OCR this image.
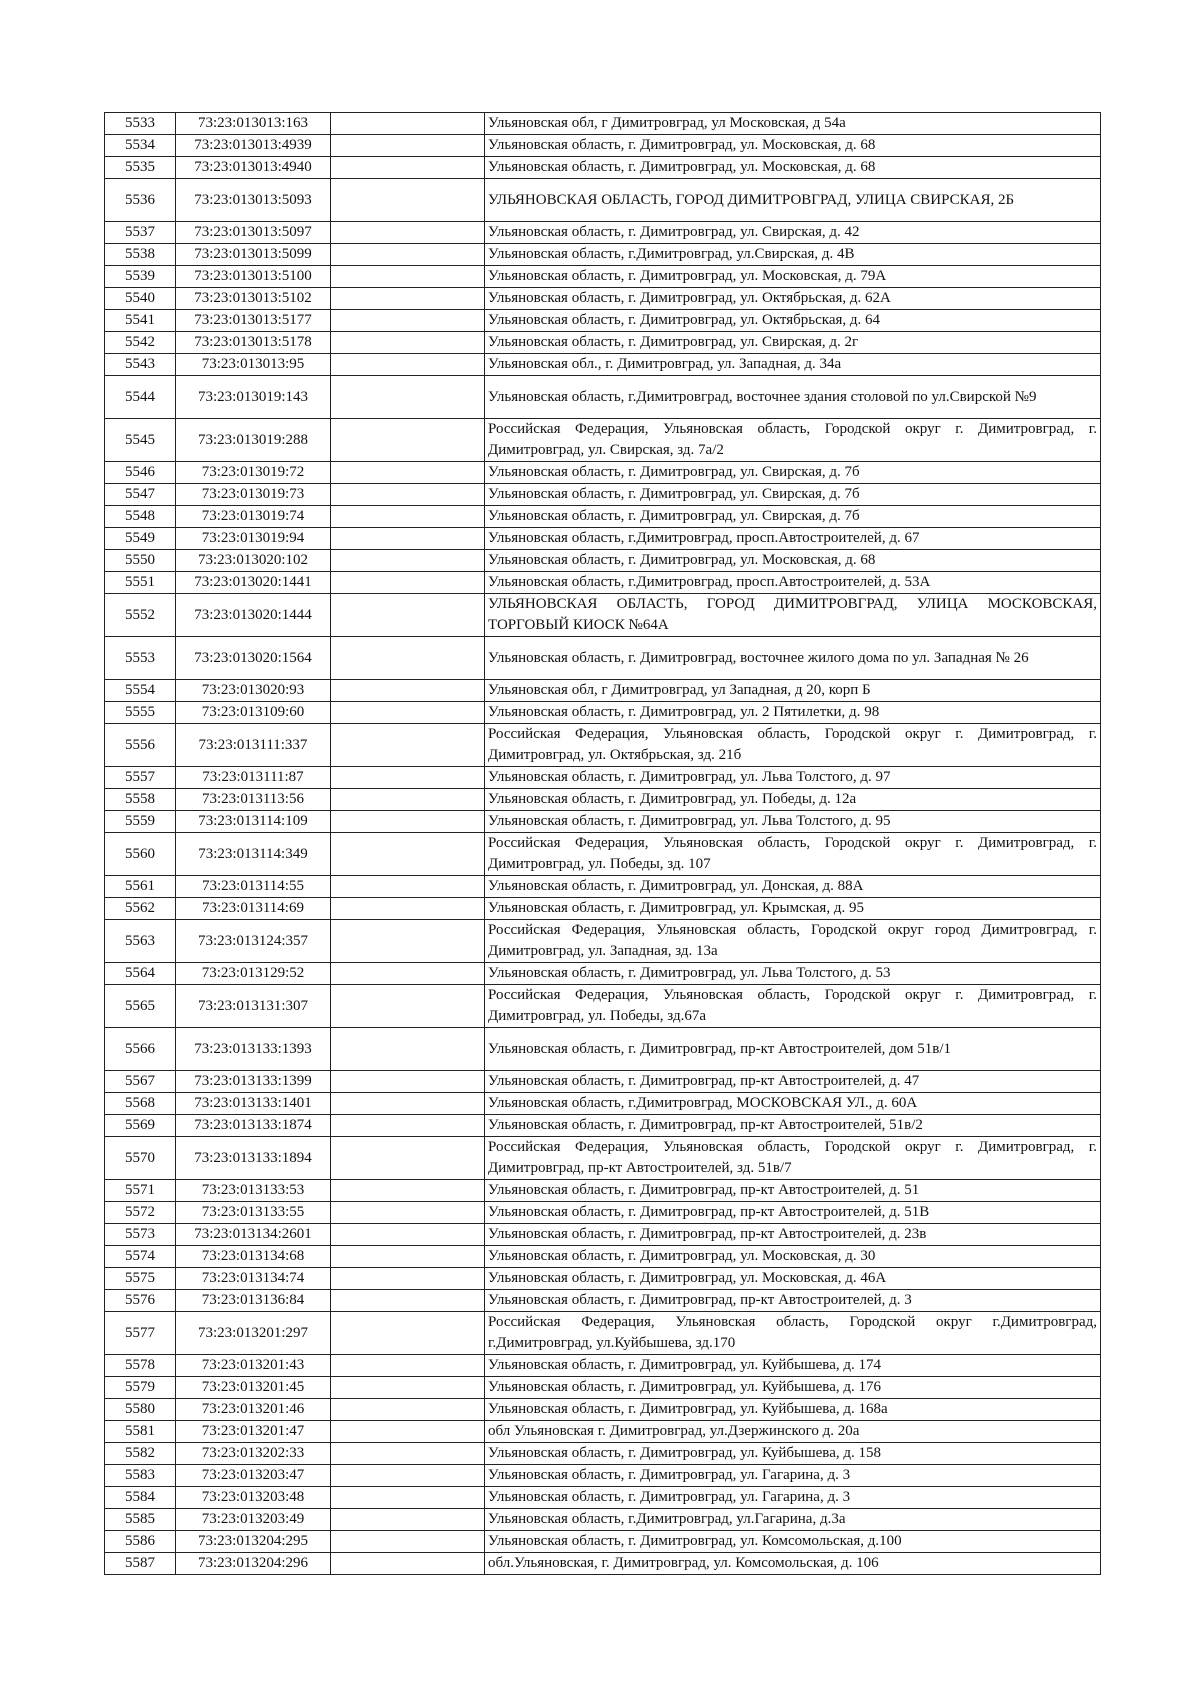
5533	73:23:013013:163		Ульяновская обл, г Димитровград, ул Московская, д 54а
5534	73:23:013013:4939		Ульяновская область, г. Димитровград, ул. Московская, д. 68
5535	73:23:013013:4940		Ульяновская область, г. Димитровград, ул. Московская, д. 68
5536	73:23:013013:5093		УЛЬЯНОВСКАЯ ОБЛАСТЬ, ГОРОД ДИМИТРОВГРАД, УЛИЦА СВИРСКАЯ, 2Б
5537	73:23:013013:5097		Ульяновская область, г. Димитровград, ул. Свирская, д. 42
5538	73:23:013013:5099		Ульяновская область, г.Димитровград, ул.Свирская, д. 4В
5539	73:23:013013:5100		Ульяновская область, г. Димитровград, ул. Московская, д. 79А
5540	73:23:013013:5102		Ульяновская область, г. Димитровград, ул. Октябрьская, д. 62А
5541	73:23:013013:5177		Ульяновская область, г. Димитровград, ул. Октябрьская, д. 64
5542	73:23:013013:5178		Ульяновская область, г. Димитровград, ул. Свирская, д. 2г
5543	73:23:013013:95		Ульяновская обл., г. Димитровград, ул. Западная, д. 34а
5544	73:23:013019:143		Ульяновская область, г.Димитровград, восточнее здания столовой по ул.Свирской №9
5545	73:23:013019:288		Российская Федерация, Ульяновская область, Городской округ г. Димитровград, г. Димитровград, ул. Свирская, зд. 7а/2
5546	73:23:013019:72		Ульяновская область, г. Димитровград, ул. Свирская, д. 7б
5547	73:23:013019:73		Ульяновская область, г. Димитровград, ул. Свирская, д. 7б
5548	73:23:013019:74		Ульяновская область, г. Димитровград, ул. Свирская, д. 7б
5549	73:23:013019:94		Ульяновская область, г.Димитровград, просп.Автостроителей, д. 67
5550	73:23:013020:102		Ульяновская область, г. Димитровград, ул. Московская, д. 68
5551	73:23:013020:1441		Ульяновская область, г.Димитровград, просп.Автостроителей, д. 53А
5552	73:23:013020:1444		УЛЬЯНОВСКАЯ ОБЛАСТЬ, ГОРОД ДИМИТРОВГРАД, УЛИЦА МОСКОВСКАЯ, ТОРГОВЫЙ КИОСК №64А
5553	73:23:013020:1564		Ульяновская область, г. Димитровград, восточнее жилого дома по ул. Западная № 26
5554	73:23:013020:93		Ульяновская обл, г Димитровград, ул Западная, д 20, корп Б
5555	73:23:013109:60		Ульяновская область, г. Димитровград, ул. 2 Пятилетки, д. 98
5556	73:23:013111:337		Российская Федерация, Ульяновская область, Городской округ г. Димитровград, г. Димитровград, ул. Октябрьская, зд. 21б
5557	73:23:013111:87		Ульяновская область, г. Димитровград, ул. Льва Толстого, д. 97
5558	73:23:013113:56		Ульяновская область, г. Димитровград, ул. Победы, д. 12а
5559	73:23:013114:109		Ульяновская область, г. Димитровград, ул. Льва Толстого, д. 95
5560	73:23:013114:349		Российская Федерация, Ульяновская область, Городской округ г. Димитровград, г. Димитровград, ул. Победы, зд. 107
5561	73:23:013114:55		Ульяновская область, г. Димитровград, ул. Донская, д. 88А
5562	73:23:013114:69		Ульяновская область, г. Димитровград, ул. Крымская, д. 95
5563	73:23:013124:357		Российская Федерация, Ульяновская область, Городской округ город Димитровград, г. Димитровград, ул. Западная, зд. 13а
5564	73:23:013129:52		Ульяновская область, г. Димитровград, ул. Льва Толстого, д. 53
5565	73:23:013131:307		Российская Федерация, Ульяновская область, Городской округ г. Димитровград, г. Димитровград, ул. Победы, зд.67а
5566	73:23:013133:1393		Ульяновская область, г. Димитровград, пр-кт Автостроителей, дом 51в/1
5567	73:23:013133:1399		Ульяновская область, г. Димитровград, пр-кт Автостроителей, д. 47
5568	73:23:013133:1401		Ульяновская область, г.Димитровград, МОСКОВСКАЯ УЛ., д. 60А
5569	73:23:013133:1874		Ульяновская область, г. Димитровград, пр-кт Автостроителей, 51в/2
5570	73:23:013133:1894		Российская Федерация, Ульяновская область, Городской округ г. Димитровград, г. Димитровград, пр-кт Автостроителей, зд. 51в/7
5571	73:23:013133:53		Ульяновская область, г. Димитровград, пр-кт Автостроителей, д. 51
5572	73:23:013133:55		Ульяновская область, г. Димитровград, пр-кт Автостроителей, д. 51В
5573	73:23:013134:2601		Ульяновская область, г. Димитровград, пр-кт Автостроителей, д. 23в
5574	73:23:013134:68		Ульяновская область, г. Димитровград, ул. Московская, д. 30
5575	73:23:013134:74		Ульяновская область, г. Димитровград, ул. Московская, д. 46А
5576	73:23:013136:84		Ульяновская область, г. Димитровград, пр-кт Автостроителей, д. 3
5577	73:23:013201:297		Российская Федерация, Ульяновская область, Городской округ г.Димитровград, г.Димитровград, ул.Куйбышева, зд.170
5578	73:23:013201:43		Ульяновская область, г. Димитровград, ул. Куйбышева, д. 174
5579	73:23:013201:45		Ульяновская область, г. Димитровград, ул. Куйбышева, д. 176
5580	73:23:013201:46		Ульяновская область, г. Димитровград, ул. Куйбышева, д. 168а
5581	73:23:013201:47		обл Ульяновская г. Димитровград, ул.Дзержинского д. 20а
5582	73:23:013202:33		Ульяновская область, г. Димитровград, ул. Куйбышева, д. 158
5583	73:23:013203:47		Ульяновская область, г. Димитровград, ул. Гагарина, д. 3
5584	73:23:013203:48		Ульяновская область, г. Димитровград, ул. Гагарина, д. 3
5585	73:23:013203:49		Ульяновская область, г.Димитровград, ул.Гагарина, д.3а
5586	73:23:013204:295		Ульяновская область, г. Димитровград, ул. Комсомольская, д.100
5587	73:23:013204:296		обл.Ульяновская, г. Димитровград, ул. Комсомольская, д. 106
